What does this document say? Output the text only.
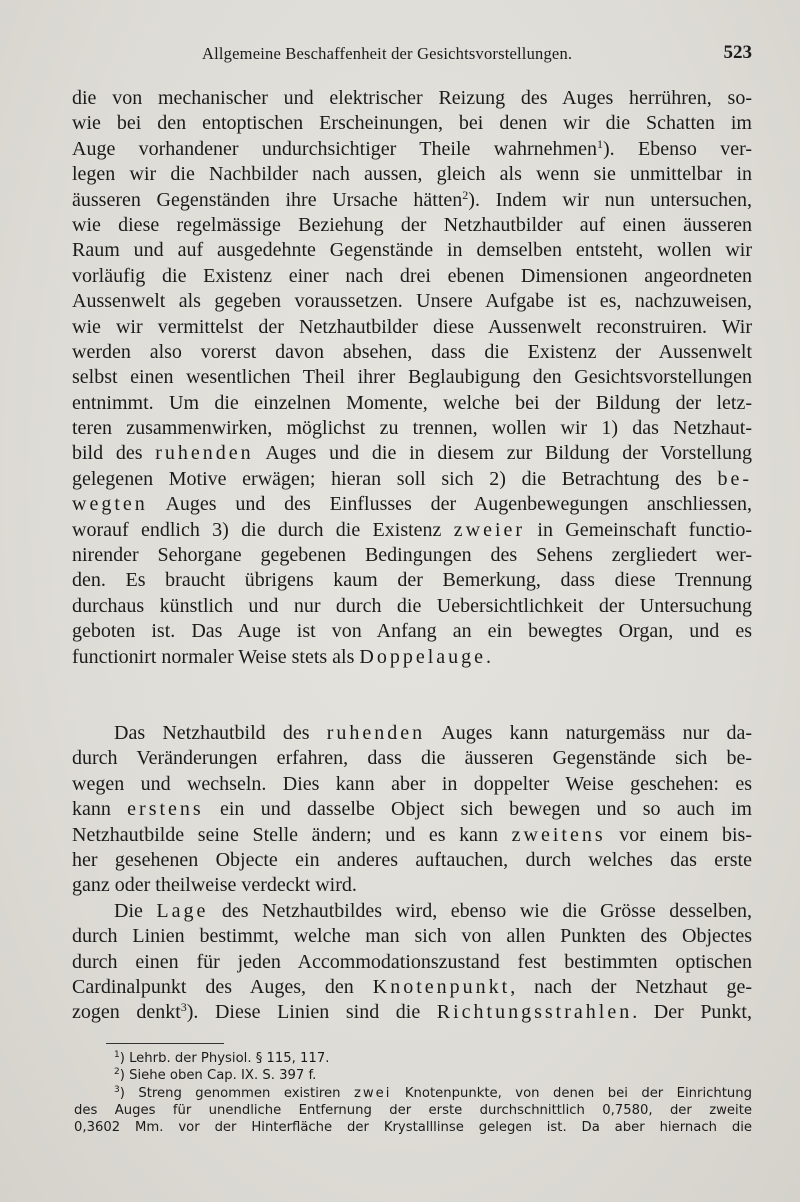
Allgemeine Beschaffenheit der Gesichtsvorstellungen.	523
die von mechanischer und elektrischer Reizung des Auges herrühren, so-
wie bei den entoptischen Erscheinungen, bei denen wir die Schatten im
Auge vorhandener undurchsichtiger Theile wahrnehmen$^1$). Ebenso ver-
legen wir die Nachbilder nach aussen, gleich als wenn sie unmittelbar in
äusseren Gegenständen ihre Ursache hätten$^2$). Indem wir nun untersuchen,
wie diese regelmässige Beziehung der Netzhautbilder auf einen äusseren
Raum und auf ausgedehnte Gegenstände in demselben entsteht, wollen wir
vorläufig die Existenz einer nach drei ebenen Dimensionen angeordneten
Aussenwelt als gegeben voraussetzen. Unsere Aufgabe ist es, nachzuweisen,
wie wir vermittelst der Netzhautbilder diese Aussenwelt reconstruiren. Wir
werden also vorerst davon absehen, dass die Existenz der Aussenwelt
selbst einen wesentlichen Theil ihrer Beglaubigung den Gesichtsvorstellungen
entnimmt. Um die einzelnen Momente, welche bei der Bildung der letz-
teren zusammenwirken, möglichst zu trennen, wollen wir 1) das Netzhaut-
bild des ruhenden Auges und die in diesem zur Bildung der Vorstellung
gelegenen Motive erwägen; hieran soll sich 2) die Betrachtung des be-
wegten Auges und des Einflusses der Augenbewegungen anschliessen,
worauf endlich 3) die durch die Existenz zweier in Gemeinschaft functio-
nirender Sehorgane gegebenen Bedingungen des Sehens zergliedert wer-
den. Es braucht übrigens kaum der Bemerkung, dass diese Trennung
durchaus künstlich und nur durch die Uebersichtlichkeit der Untersuchung
geboten ist. Das Auge ist von Anfang an ein bewegtes Organ, und es
functionirt normaler Weise stets als Doppelauge.
Das Netzhautbild des ruhenden Auges kann naturgemäss nur da-
durch Veränderungen erfahren, dass die äusseren Gegenstände sich be-
wegen und wechseln. Dies kann aber in doppelter Weise geschehen: es
kann erstens ein und dasselbe Object sich bewegen und so auch im
Netzhautbilde seine Stelle ändern; und es kann zweitens vor einem bis-
her gesehenen Objecte ein anderes auftauchen, durch welches das erste
ganz oder theilweise verdeckt wird.
Die Lage des Netzhautbildes wird, ebenso wie die Grösse desselben,
durch Linien bestimmt, welche man sich von allen Punkten des Objectes
durch einen für jeden Accommodationszustand fest bestimmten optischen
Cardinalpunkt des Auges, den Knotenpunkt, nach der Netzhaut ge-
zogen denkt$^3$). Diese Linien sind die Richtungsstrahlen. Der Punkt,
$^1$) Lehrb. der Physiol. § 115, 117.
$^2$) Siehe oben Cap. IX. S. 397 f.
$^3$) Streng genommen existiren zwei Knotenpunkte, von denen bei der Einrichtung
des Auges für unendliche Entfernung der erste durchschnittlich 0,7580, der zweite
0,3602 Mm. vor der Hinterfläche der Krystalllinse gelegen ist. Da aber hiernach die
